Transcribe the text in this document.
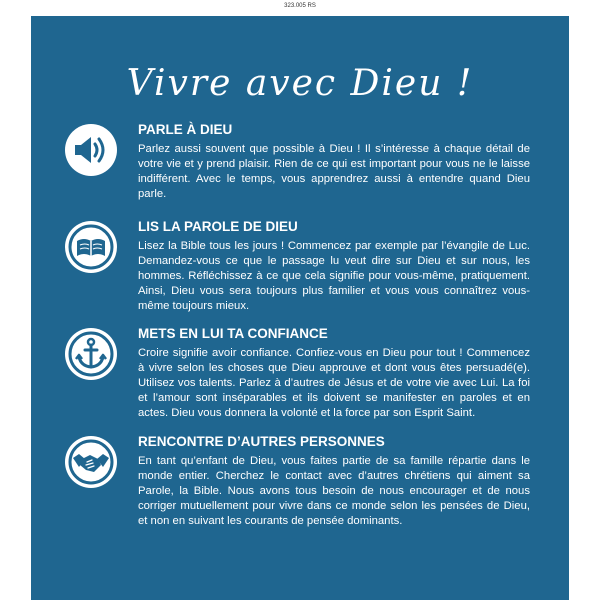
323.005 RS
Vivre avec Dieu !
PARLE À DIEU
Parlez aussi souvent que possible à Dieu ! Il s’intéresse à chaque détail de votre vie et y prend plaisir. Rien de ce qui est important pour vous ne le laisse indifférent. Avec le temps, vous apprendrez aussi à entendre quand Dieu parle.
LIS LA PAROLE DE DIEU
Lisez la Bible tous les jours ! Commencez par exemple par l’évangile de Luc. Demandez-vous ce que le passage lu veut dire sur Dieu et sur nous, les hommes. Réfléchissez à ce que cela signifie pour vous-même, pratiquement. Ainsi, Dieu vous sera toujours plus familier et vous vous connaîtrez vous-même toujours mieux.
METS EN LUI TA CONFIANCE
Croire signifie avoir confiance. Confiez-vous en Dieu pour tout ! Commencez à vivre selon les choses que Dieu approuve et dont vous êtes persuadé(e). Utilisez vos talents. Parlez à d’autres de Jésus et de votre vie avec Lui. La foi et l’amour sont inséparables et ils doivent se manifester en paroles et en actes. Dieu vous donnera la volonté et la force par son Esprit Saint.
RENCONTRE D’AUTRES PERSONNES
En tant qu’enfant de Dieu, vous faites partie de sa famille répartie dans le monde entier. Cherchez le contact avec d’autres chrétiens qui aiment sa Parole, la Bible. Nous avons tous besoin de nous encourager et de nous corriger mutuellement pour vivre dans ce monde selon les pensées de Dieu, et non en suivant les courants de pensée dominants.
